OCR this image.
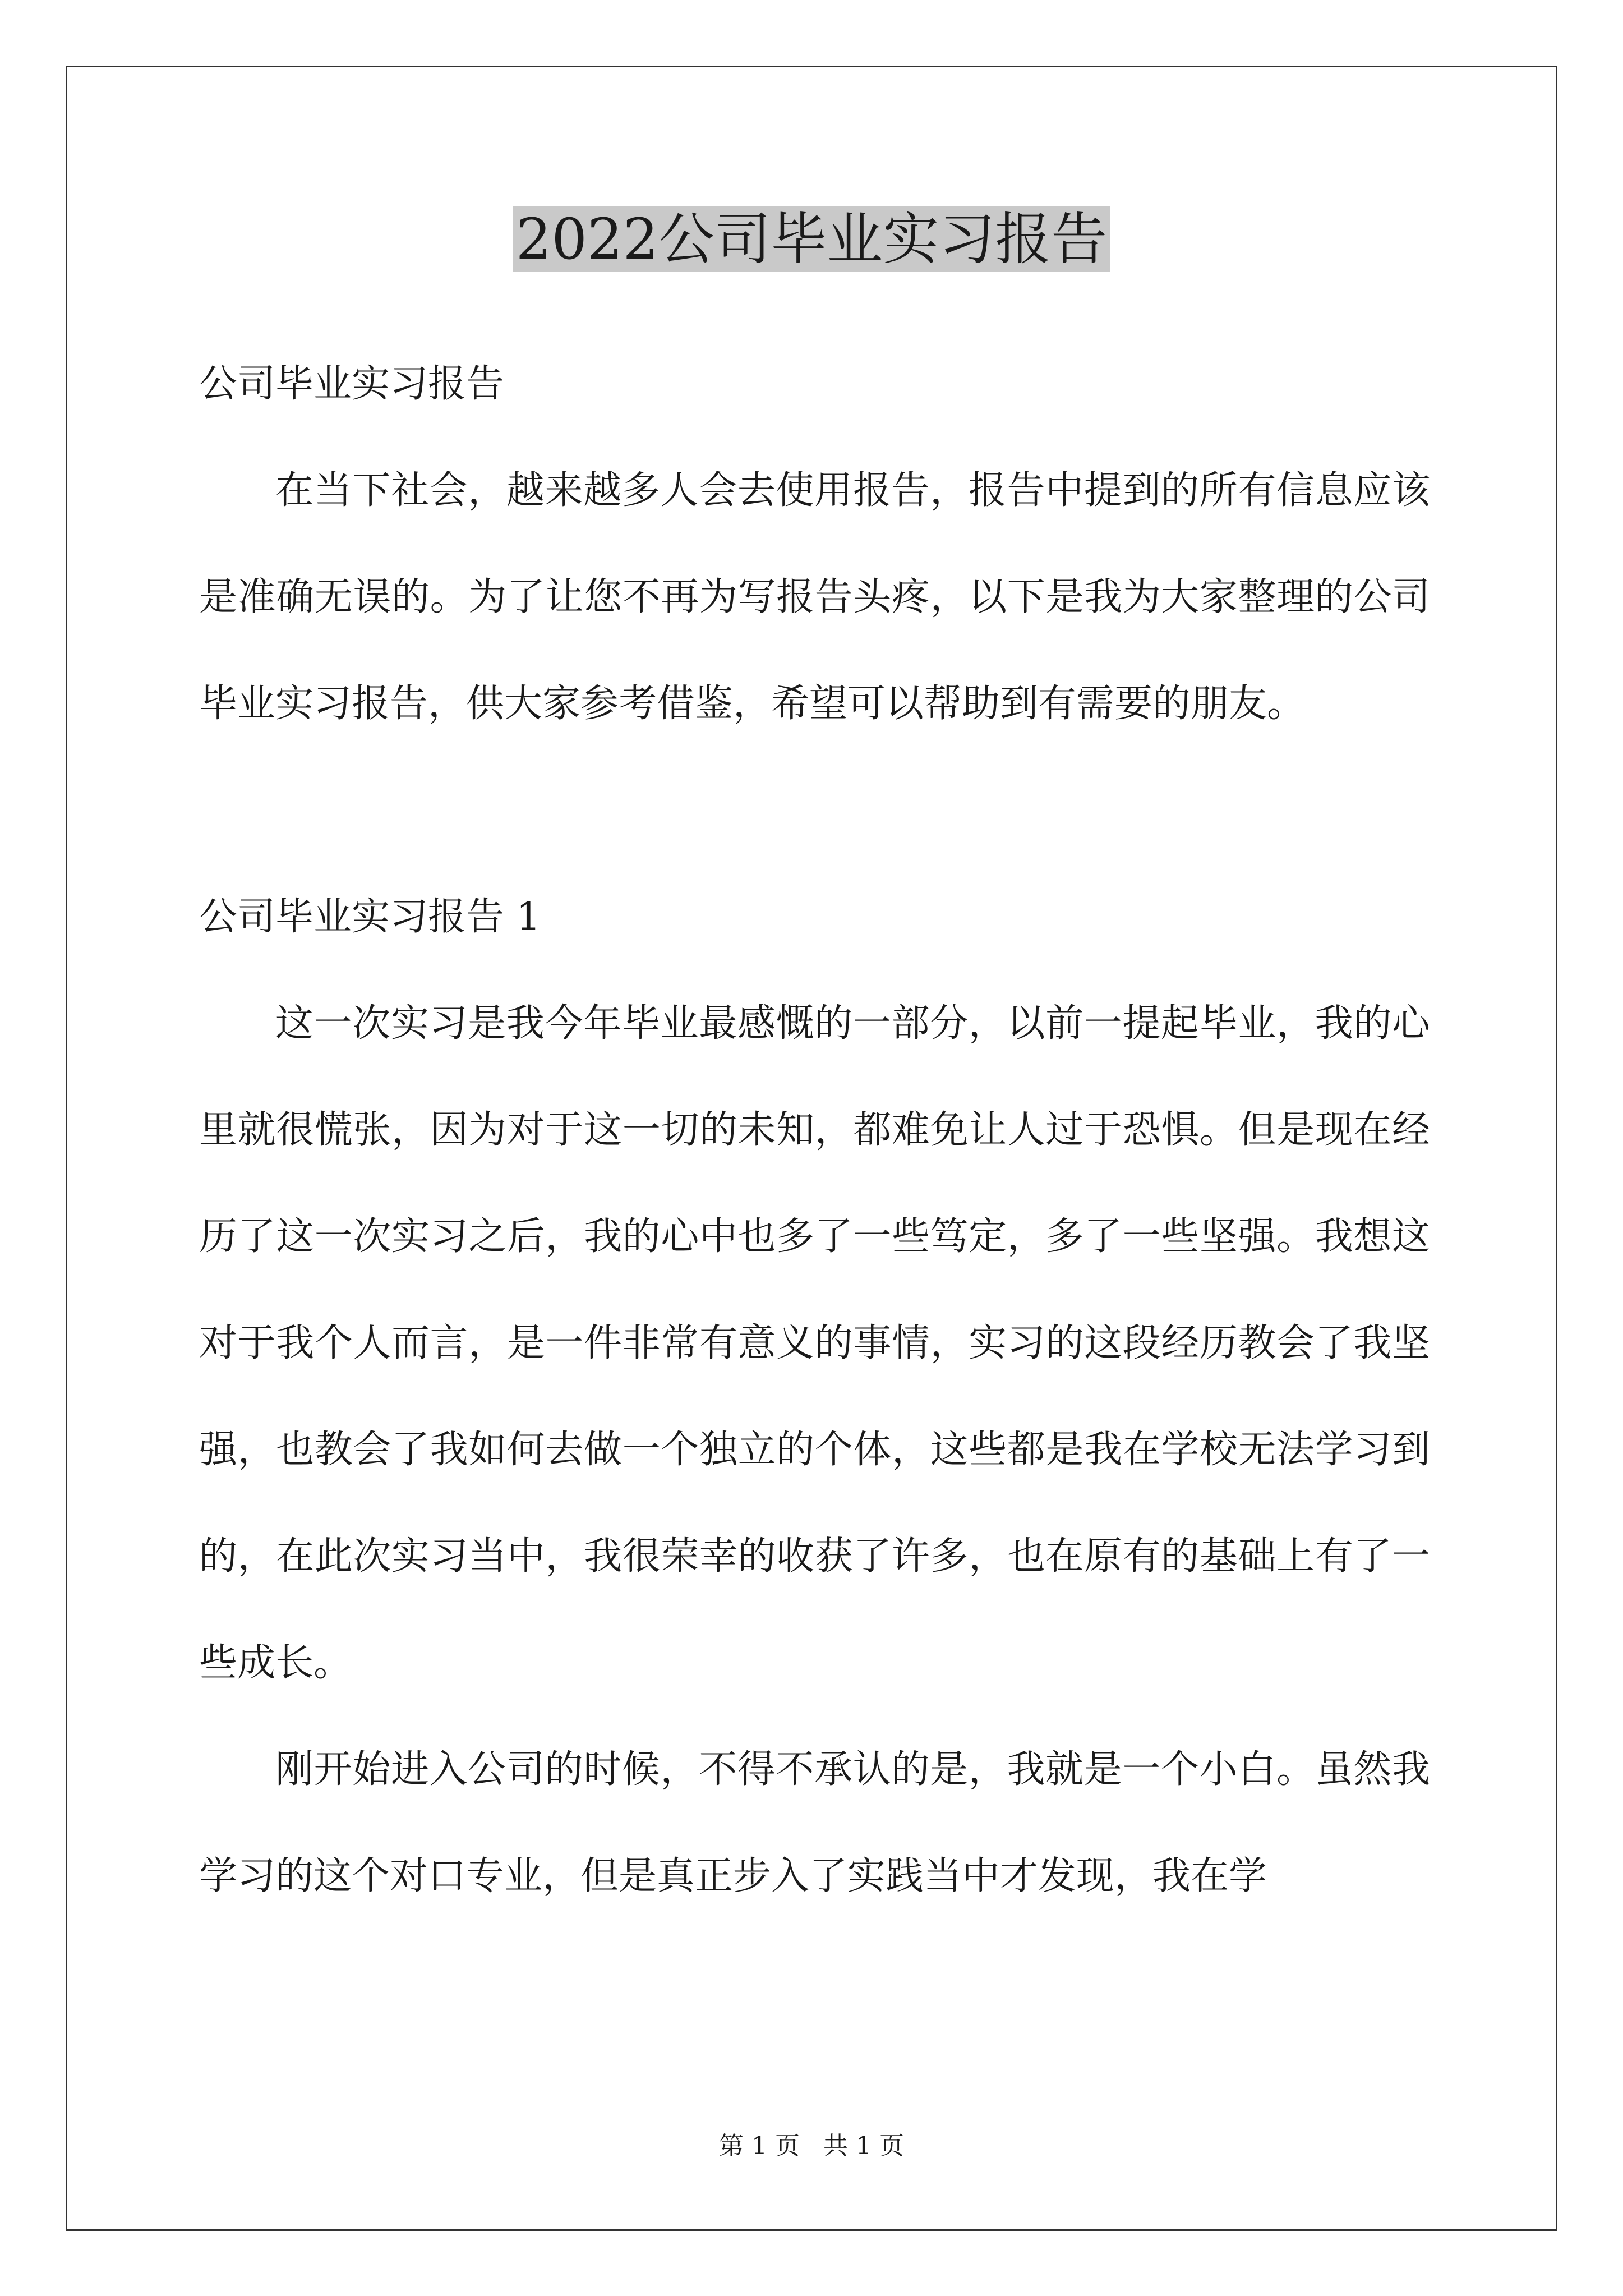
2022公司毕业实习报告

公司毕业实习报告

在当下社会，越来越多人会去使用报告，报告中提到的所有信息应该是准确无误的。为了让您不再为写报告头疼，以下是我为大家整理的公司毕业实习报告，供大家参考借鉴，希望可以帮助到有需要的朋友。

公司毕业实习报告 1

这一次实习是我今年毕业最感慨的一部分，以前一提起毕业，我的心里就很慌张，因为对于这一切的未知，都难免让人过于恐惧。但是现在经历了这一次实习之后，我的心中也多了一些笃定，多了一些坚强。我想这对于我个人而言，是一件非常有意义的事情，实习的这段经历教会了我坚强，也教会了我如何去做一个独立的个体，这些都是我在学校无法学习到的，在此次实习当中，我很荣幸的收获了许多，也在原有的基础上有了一些成长。

刚开始进入公司的时候，不得不承认的是，我就是一个小白。虽然我学习的这个对口专业，但是真正步入了实践当中才发现，我在学

第 1 页   共 1 页
